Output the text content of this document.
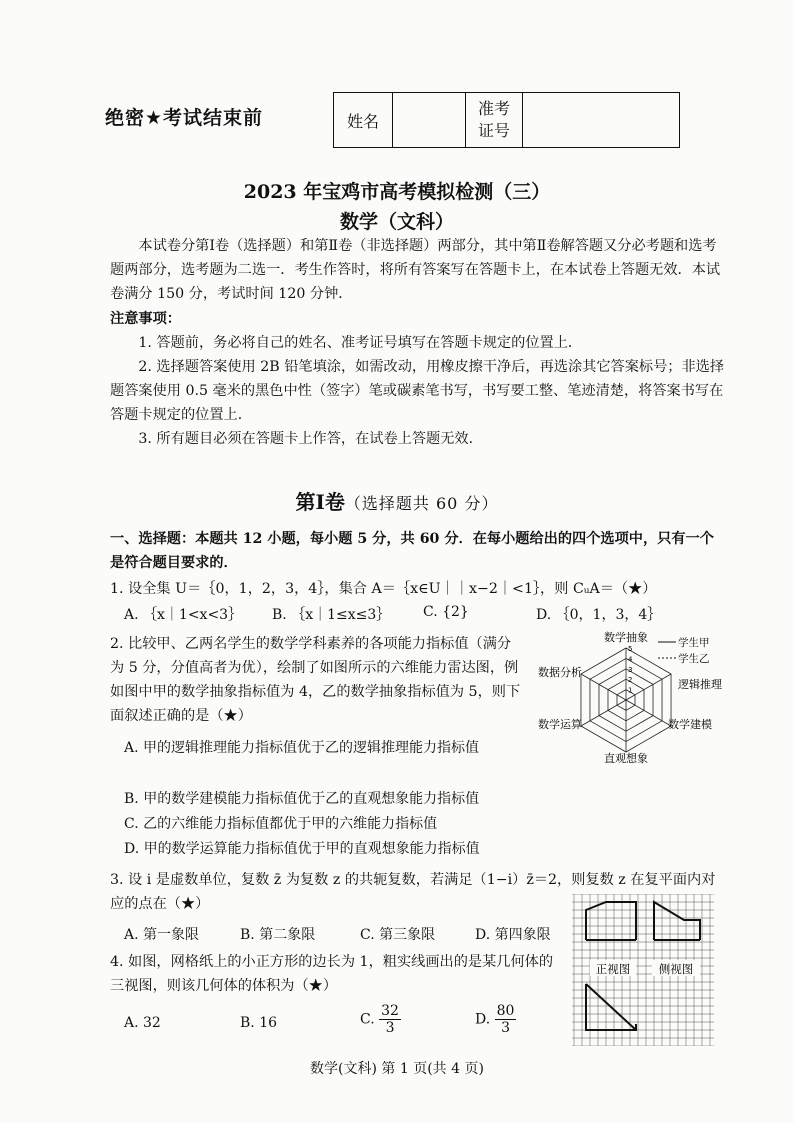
绝密★考试结束前	姓名		准考
证号	
2023 年宝鸡市高考模拟检测（三）
数学（文科）
本试卷分第Ⅰ卷（选择题）和第Ⅱ卷（非选择题）两部分，其中第Ⅱ卷解答题又分必考题和选考题两部分，选考题为二选一．考生作答时，将所有答案写在答题卡上，在本试卷上答题无效．本试卷满分 150 分，考试时间 120 分钟．
注意事项：
1. 答题前，务必将自己的姓名、准考证号填写在答题卡规定的位置上．
2. 选择题答案使用 2B 铅笔填涂，如需改动，用橡皮擦干净后，再选涂其它答案标号；非选择题答案使用 0.5 毫米的黑色中性（签字）笔或碳素笔书写，书写要工整、笔迹清楚，将答案书写在答题卡规定的位置上．
3. 所有题目必须在答题卡上作答，在试卷上答题无效．
第Ⅰ卷（选择题共 60 分）
一、选择题：本题共 12 小题，每小题 5 分，共 60 分．在每小题给出的四个选项中，只有一个是符合题目要求的．
1. 设全集 U＝｛0，1，2，3，4｝，集合 A＝｛x∈U｜｜x−2｜<1｝，则 CᵤA＝（★）
A. ｛x｜1<x<3｝ B. ｛x｜1≤x≤3｝ C. {2}	D. ｛0，1，3，4｝
2. 比较甲、乙两名学生的数学学科素养的各项能力指标值（满分为 5 分，分值高者为优），绘制了如图所示的六维能力雷达图，例如图中甲的数学抽象指标值为 4，乙的数学抽象指标值为 5，则下面叙述正确的是（★）
A. 甲的逻辑推理能力指标值优于乙的逻辑推理能力指标值
B. 甲的数学建模能力指标值优于乙的直观想象能力指标值
C. 乙的六维能力指标值都优于甲的六维能力指标值
D. 甲的数学运算能力指标值优于甲的直观想象能力指标值
1
2
3
4
5
数学抽象
逻辑推理
数学建模
直观想象
数学运算
数据分析
学生甲
学生乙
3. 设 i 是虚数单位，复数 z̄ 为复数 z 的共轭复数，若满足（1−i）z̄＝2，则复数 z 在复平面内对应的点在（★）
A. 第一象限	B. 第二象限	C. 第三象限	D. 第四象限
4. 如图，网格纸上的小正方形的边长为 1，粗实线画出的是某几何体的三视图，则该几何体的体积为（★）
A. 32	B. 16	C. $\frac{32}{3}$	D. $\frac{80}{3}$
正视图 侧视图
数学(文科) 第 1 页(共 4 页)
